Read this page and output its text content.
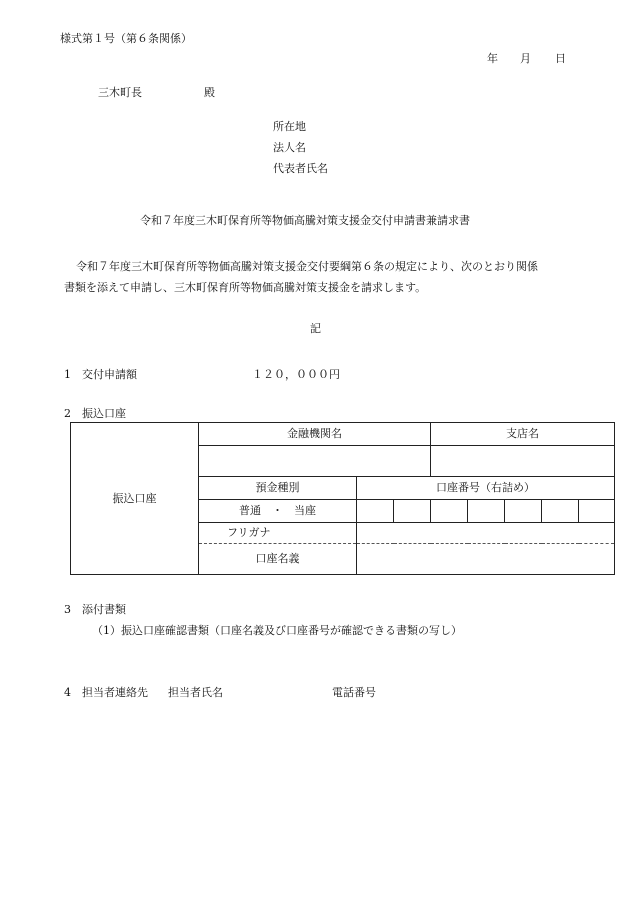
様式第１号（第６条関係）
年 月 日
三木町長	殿
所在地
法人名
代表者氏名
令和７年度三木町保育所等物価高騰対策支援金交付申請書兼請求書

令和７年度三木町保育所等物価高騰対策支援金交付要綱第６条の規定により、次のとおり関係

書類を添えて申請し、三木町保育所等物価高騰対策支援金を請求します。

記
1　交付申請額	１２０，０００円
2　振込口座
振込口座	金融機関名			支店名				

	預金種別	口座番号（右詰め）						
	普通　・　当座							
	フリガナ							
	口座名義							
3　添付書類
（1）振込口座確認書類（口座名義及び口座番号が確認できる書類の写し）
4　担当者連絡先 担当者氏名	電話番号
